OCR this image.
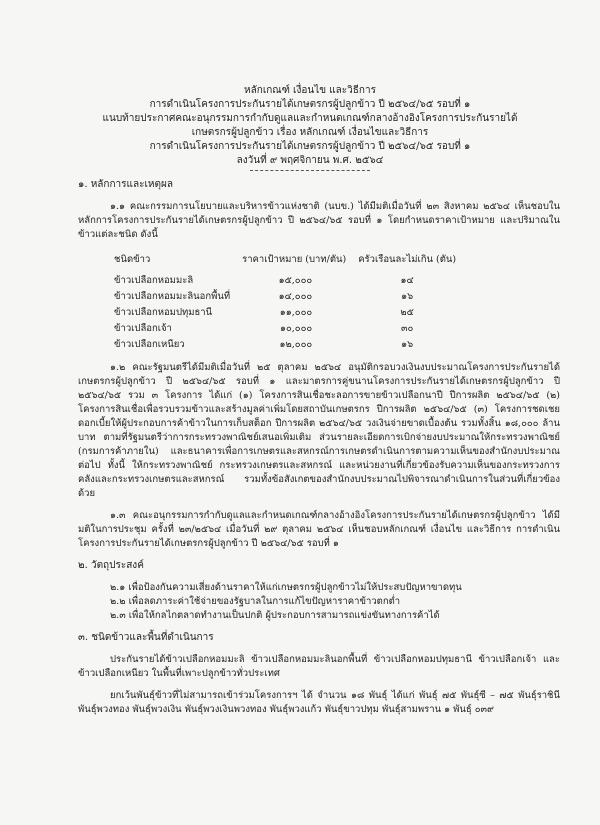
หลักเกณฑ์ เงื่อนไข และวิธีการ
การดำเนินโครงการประกันรายได้เกษตรกรผู้ปลูกข้าว ปี ๒๕๖๔/๖๕ รอบที่ ๑
แนบท้ายประกาศคณะอนุกรรมการกำกับดูแลและกำหนดเกณฑ์กลางอ้างอิงโครงการประกันรายได้
เกษตรกรผู้ปลูกข้าว เรื่อง หลักเกณฑ์ เงื่อนไขและวิธีการ
การดำเนินโครงการประกันรายได้เกษตรกรผู้ปลูกข้าว ปี ๒๕๖๔/๖๕ รอบที่ ๑
ลงวันที่ ๙ พฤศจิกายน พ.ศ. ๒๕๖๔

๑. หลักการและเหตุผล

๑.๑ คณะกรรมการนโยบายและบริหารข้าวแห่งชาติ (นบข.) ได้มีมติเมื่อวันที่ ๒๓ สิงหาคม ๒๕๖๔ เห็นชอบในหลักการโครงการประกันรายได้เกษตรกรผู้ปลูกข้าว ปี ๒๕๖๔/๖๕ รอบที่ ๑ โดยกำหนดราคาเป้าหมาย และปริมาณในข้าวแต่ละชนิด ดังนี้

ชนิดข้าว	ราคาเป้าหมาย (บาท/ตัน)	ครัวเรือนละไม่เกิน (ตัน)
ข้าวเปลือกหอมมะลิ	๑๕,๐๐๐	๑๔
ข้าวเปลือกหอมมะลินอกพื้นที่	๑๔,๐๐๐	๑๖
ข้าวเปลือกหอมปทุมธานี	๑๑,๐๐๐	๒๕
ข้าวเปลือกเจ้า	๑๐,๐๐๐	๓๐
ข้าวเปลือกเหนียว	๑๒,๐๐๐	๑๖

๑.๒ คณะรัฐมนตรีได้มีมติเมื่อวันที่ ๒๕ ตุลาคม ๒๕๖๔ อนุมัติกรอบวงเงินงบประมาณโครงการประกันรายได้เกษตรกรผู้ปลูกข้าว ปี ๒๕๖๔/๖๕ รอบที่ ๑ และมาตรการคู่ขนานโครงการประกันรายได้เกษตรกรผู้ปลูกข้าว ปี ๒๕๖๔/๖๕ รวม ๓ โครงการ ได้แก่ (๑) โครงการสินเชื่อชะลอการขายข้าวเปลือกนาปี ปีการผลิต ๒๕๖๔/๖๕ (๒) โครงการสินเชื่อเพื่อรวบรวมข้าวและสร้างมูลค่าเพิ่มโดยสถาบันเกษตรกร ปีการผลิต ๒๕๖๔/๖๕ (๓) โครงการชดเชยดอกเบี้ยให้ผู้ประกอบการค้าข้าวในการเก็บสต็อก ปีการผลิต ๒๕๖๔/๖๕ วงเงินจ่ายขาดเบื้องต้น รวมทั้งสิ้น ๑๘,๐๐๐ ล้านบาท ตามที่รัฐมนตรีว่าการกระทรวงพาณิชย์เสนอเพิ่มเติม ส่วนรายละเอียดการเบิกจ่ายงบประมาณให้กระทรวงพาณิชย์ (กรมการค้าภายใน) และธนาคารเพื่อการเกษตรและสหกรณ์การเกษตรดำเนินการตามความเห็นของสำนักงบประมาณต่อไป ทั้งนี้ ให้กระทรวงพาณิชย์ กระทรวงเกษตรและสหกรณ์ และหน่วยงานที่เกี่ยวข้องรับความเห็นของกระทรวงการคลังและกระทรวงเกษตรและสหกรณ์ รวมทั้งข้อสังเกตของสำนักงบประมาณไปพิจารณาดำเนินการในส่วนที่เกี่ยวข้องด้วย

๑.๓ คณะอนุกรรมการกำกับดูแลและกำหนดเกณฑ์กลางอ้างอิงโครงการประกันรายได้เกษตรกรผู้ปลูกข้าว ได้มีมติในการประชุม ครั้งที่ ๒๓/๒๕๖๔ เมื่อวันที่ ๒๙ ตุลาคม ๒๕๖๔ เห็นชอบหลักเกณฑ์ เงื่อนไข และวิธีการ การดำเนินโครงการประกันรายได้เกษตรกรผู้ปลูกข้าว ปี ๒๕๖๔/๖๕ รอบที่ ๑

๒. วัตถุประสงค์

๒.๑ เพื่อป้องกันความเสี่ยงด้านราคาให้แก่เกษตรกรผู้ปลูกข้าวไม่ให้ประสบปัญหาขาดทุน

๒.๒ เพื่อลดภาระค่าใช้จ่ายของรัฐบาลในการแก้ไขปัญหาราคาข้าวตกต่ำ

๒.๓ เพื่อให้กลไกตลาดทำงานเป็นปกติ ผู้ประกอบการสามารถแข่งขันทางการค้าได้

๓. ชนิดข้าวและพื้นที่ดำเนินการ

ประกันรายได้ข้าวเปลือกหอมมะลิ ข้าวเปลือกหอมมะลินอกพื้นที่ ข้าวเปลือกหอมปทุมธานี ข้าวเปลือกเจ้า และข้าวเปลือกเหนียว ในพื้นที่เพาะปลูกข้าวทั่วประเทศ

ยกเว้นพันธุ์ข้าวที่ไม่สามารถเข้าร่วมโครงการฯ ได้ จำนวน ๑๘ พันธุ์ ได้แก่ พันธุ์ ๗๕ พันธุ์ซี – ๗๕ พันธุ์ราชินี พันธุ์พวงทอง พันธุ์พวงเงิน พันธุ์พวงเงินพวงทอง พันธุ์พวงแก้ว พันธุ์ขาวปทุม พันธุ์สามพราน ๑ พันธุ์ ๐๓๙
